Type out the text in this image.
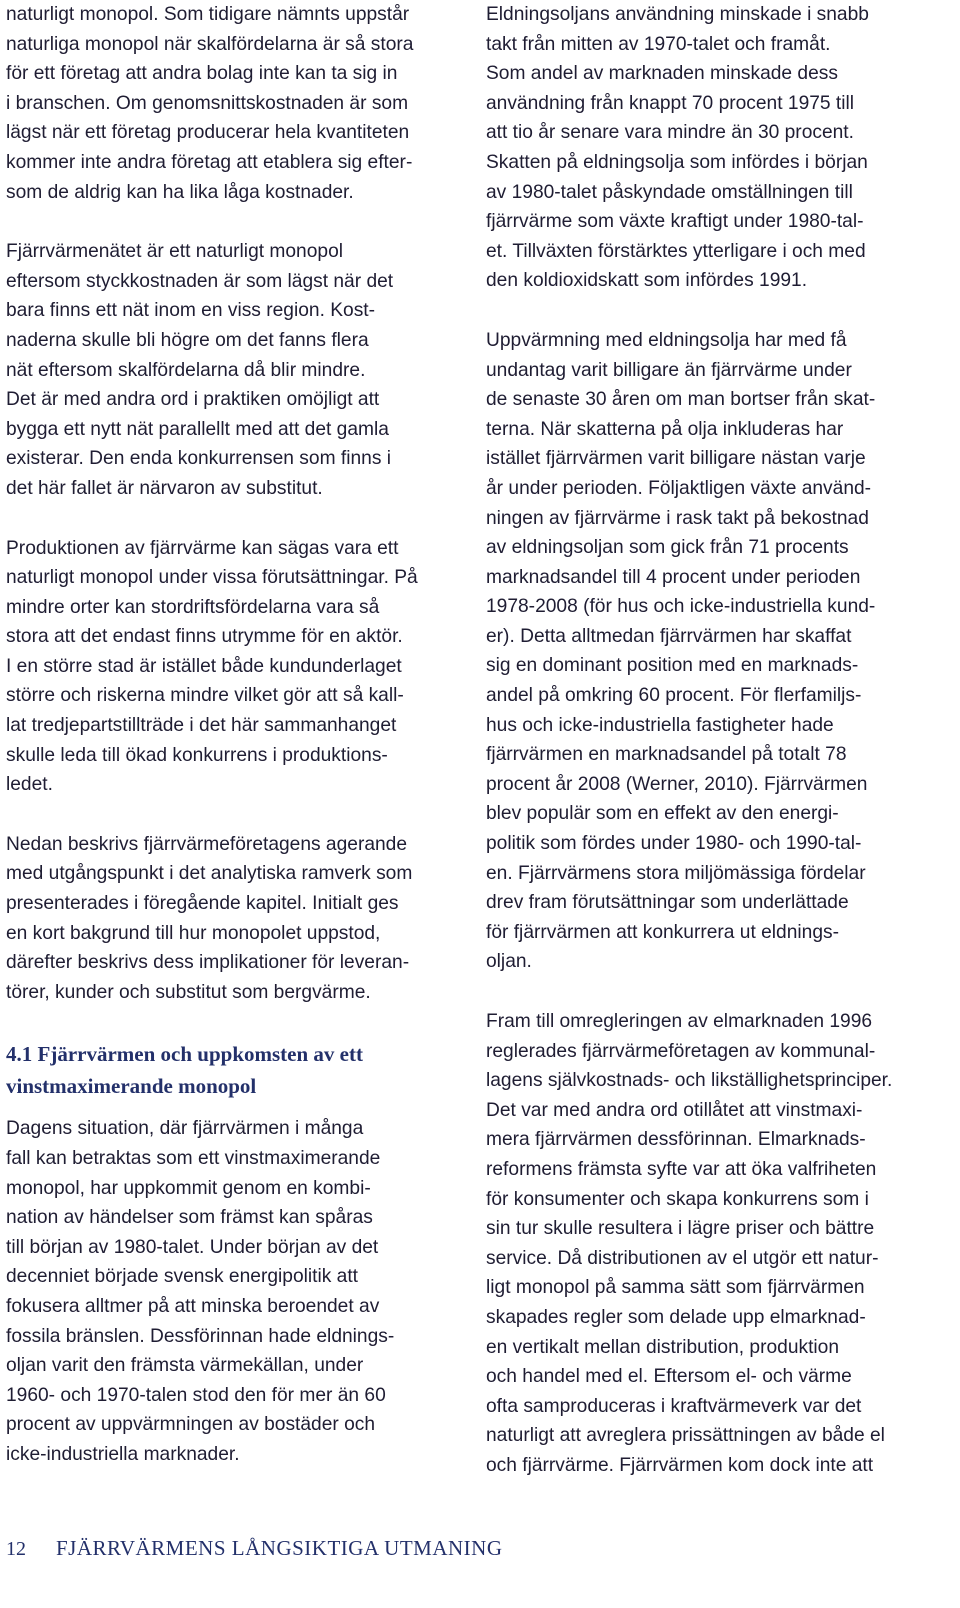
naturligt monopol. Som tidigare nämnts uppstår
naturliga monopol när skalfördelarna är så stora
för ett företag att andra bolag inte kan ta sig in
i branschen. Om genomsnittskostnaden är som
lägst när ett företag producerar hela kvantiteten
kommer inte andra företag att etablera sig efter-
som de aldrig kan ha lika låga kostnader.

Fjärrvärmenätet är ett naturligt monopol
eftersom styckkostnaden är som lägst när det
bara finns ett nät inom en viss region. Kost-
naderna skulle bli högre om det fanns flera
nät eftersom skalfördelarna då blir mindre.
Det är med andra ord i praktiken omöjligt att
bygga ett nytt nät parallellt med att det gamla
existerar. Den enda konkurrensen som finns i
det här fallet är närvaron av substitut.

Produktionen av fjärrvärme kan sägas vara ett
naturligt monopol under vissa förutsättningar. På
mindre orter kan stordriftsfördelarna vara så
stora att det endast finns utrymme för en aktör.
I en större stad är istället både kundunderlaget
större och riskerna mindre vilket gör att så kall-
lat tredjepartstillträde i det här sammanhanget
skulle leda till ökad konkurrens i produktions-
ledet.

Nedan beskrivs fjärrvärmeföretagens agerande
med utgångspunkt i det analytiska ramverk som
presenterades i föregående kapitel. Initialt ges
en kort bakgrund till hur monopolet uppstod,
därefter beskrivs dess implikationer för leveran-
törer, kunder och substitut som bergvärme.

4.1 Fjärrvärmen och uppkomsten av ett
vinstmaximerande monopol

Dagens situation, där fjärrvärmen i många
fall kan betraktas som ett vinstmaximerande
monopol, har uppkommit genom en kombi-
nation av händelser som främst kan spåras
till början av 1980-talet. Under början av det
decenniet började svensk energipolitik att
fokusera alltmer på att minska beroendet av
fossila bränslen. Dessförinnan hade eldnings-
oljan varit den främsta värmekällan, under
1960- och 1970-talen stod den för mer än 60
procent av uppvärmningen av bostäder och
icke-industriella marknader.

Eldningsoljans användning minskade i snabb
takt från mitten av 1970-talet och framåt.
Som andel av marknaden minskade dess
användning från knappt 70 procent 1975 till
att tio år senare vara mindre än 30 procent.
Skatten på eldningsolja som infördes i början
av 1980-talet påskyndade omställningen till
fjärrvärme som växte kraftigt under 1980-tal-
et. Tillväxten förstärktes ytterligare i och med
den koldioxidskatt som infördes 1991.

Uppvärmning med eldningsolja har med få
undantag varit billigare än fjärrvärme under
de senaste 30 åren om man bortser från skat-
terna. När skatterna på olja inkluderas har
istället fjärrvärmen varit billigare nästan varje
år under perioden. Följaktligen växte använd-
ningen av fjärrvärme i rask takt på bekostnad
av eldningsoljan som gick från 71 procents
marknadsandel till 4 procent under perioden
1978-2008 (för hus och icke-industriella kund-
er). Detta alltmedan fjärrvärmen har skaffat
sig en dominant position med en marknads-
andel på omkring 60 procent. För flerfamiljs-
hus och icke-industriella fastigheter hade
fjärrvärmen en marknadsandel på totalt 78
procent år 2008 (Werner, 2010). Fjärrvärmen
blev populär som en effekt av den energi-
politik som fördes under 1980- och 1990-tal-
en. Fjärrvärmens stora miljömässiga fördelar
drev fram förutsättningar som underlättade
för fjärrvärmen att konkurrera ut eldnings-
oljan.

Fram till omregleringen av elmarknaden 1996
reglerades fjärrvärmeföretagen av kommunal-
lagens självkostnads- och likställighetsprinciper.
Det var med andra ord otillåtet att vinstmaxi-
mera fjärrvärmen dessförinnan. Elmarknads-
reformens främsta syfte var att öka valfriheten
för konsumenter och skapa konkurrens som i
sin tur skulle resultera i lägre priser och bättre
service. Då distributionen av el utgör ett natur-
ligt monopol på samma sätt som fjärrvärmen
skapades regler som delade upp elmarknad-
en vertikalt mellan distribution, produktion
och handel med el. Eftersom el- och värme
ofta samproduceras i kraftvärmeverk var det
naturligt att avreglera prissättningen av både el
och fjärrvärme. Fjärrvärmen kom dock inte att

12	FJÄRRVÄRMENS LÅNGSIKTIGA UTMANING
